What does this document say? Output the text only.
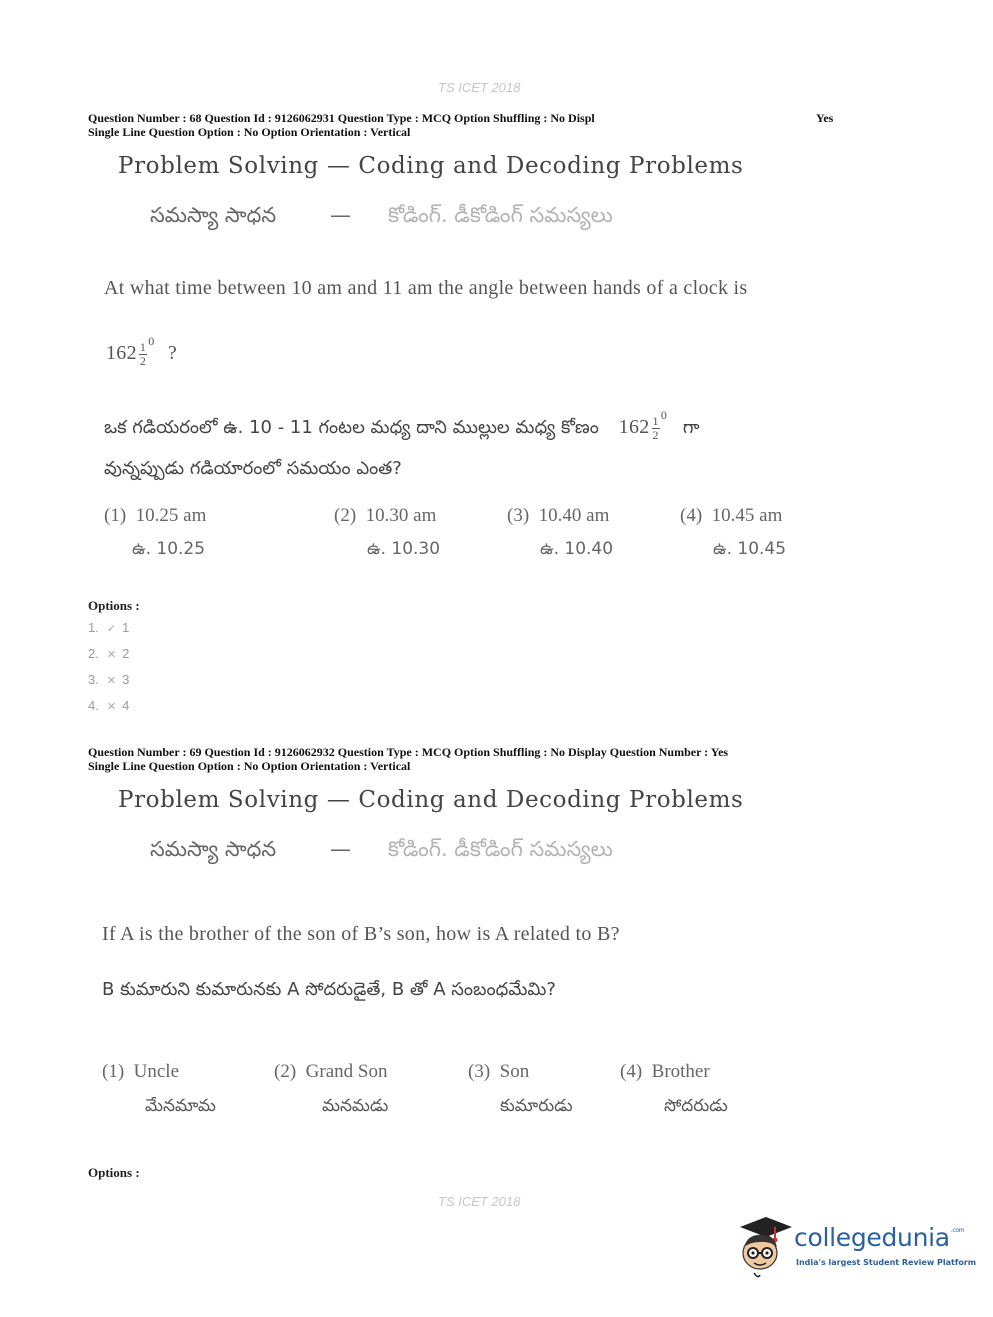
TS ICET 2018
Question Number : 68 Question Id : 9126062931 Question Type : MCQ Option Shuffling : No Displ	Yes
Single Line Question Option : No Option Orientation : Vertical
Problem Solving — Coding and Decoding Problems
సమస్యా సాధన	— కోడింగ్. డీకోడింగ్ సమస్యలు
At what time between 10 am and 11 am the angle between hands of a clock is
$162 \frac{1}{2} ^0$ ?
ఒక గడియరంలో ఉ. 10 - 11 గంటల మధ్య దాని ముల్లుల మధ్య కోణం $162 \frac{1}{2} ^0$ గా
వున్నప్పుడు గడియారంలో సమయం ఎంత?
(1) 10.25 am
ఉ. 10.25
(2) 10.30 am
ఉ. 10.30
(3) 10.40 am
ఉ. 10.40
(4) 10.45 am
ఉ. 10.45
Options :
1. ✓ 1
2. ✕ 2
3. ✕ 3
4. ✕ 4
Question Number : 69 Question Id : 9126062932 Question Type : MCQ Option Shuffling : No Display Question Number : Yes
Single Line Question Option : No Option Orientation : Vertical
Problem Solving — Coding and Decoding Problems
సమస్యా సాధన	— కోడింగ్. డీకోడింగ్ సమస్యలు
If A is the brother of the son of B’s son, how is A related to B?
B కుమారుని కుమారునకు A సోదరుడైతే, B తో A సంబంధమేమి?
(1) Uncle
మేనమామ
(2) Grand Son
మనమడు
(3) Son
కుమారుడు
(4) Brother
సోదరుడు
Options :
TS ICET 2018
collegedunia$^{.com}$
India's largest Student Review Platform
